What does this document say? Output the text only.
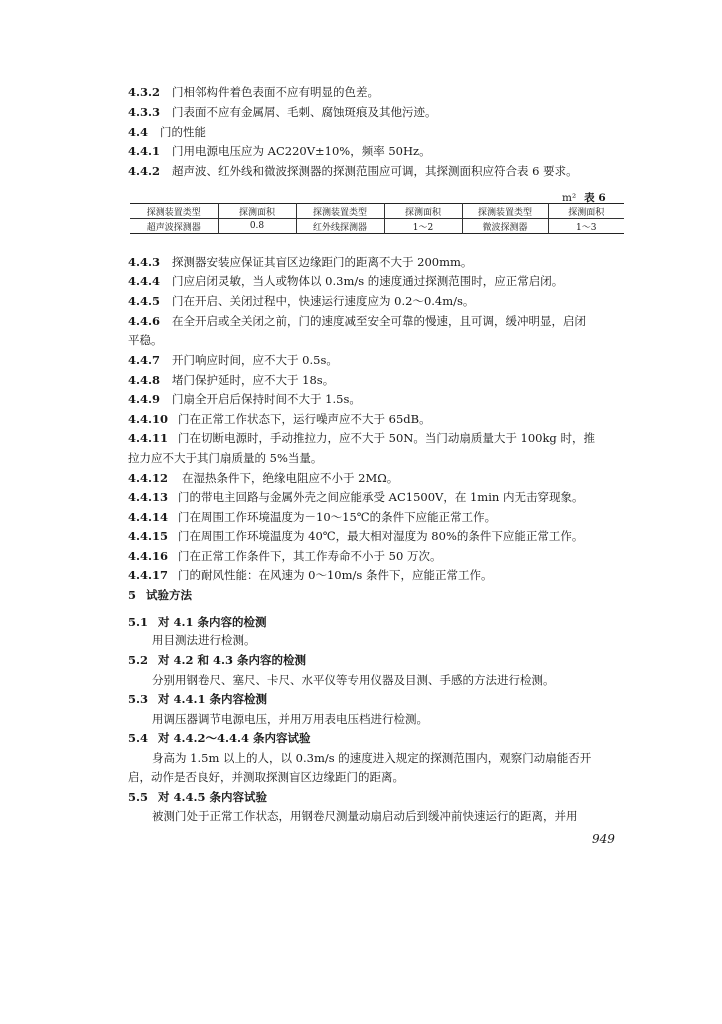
4.3.2 门相邻构件着色表面不应有明显的色差。
4.3.3 门表面不应有金属屑、毛刺、腐蚀斑痕及其他污迹。
4.4 门的性能
4.4.1 门用电源电压应为 AC220V±10%，频率 50Hz。
4.4.2 超声波、红外线和微波探测器的探测范围应可调，其探测面积应符合表 6 要求。
m² 表 6
探测装置类型	探测面积	探测装置类型	探测面积	探测装置类型	探测面积
超声波探测器	0.8	红外线探测器	1～2	微波探测器	1～3
4.4.3 探测器安装应保证其盲区边缘距门的距离不大于 200mm。
4.4.4 门应启闭灵敏，当人或物体以 0.3m/s 的速度通过探测范围时，应正常启闭。
4.4.5 门在开启、关闭过程中，快速运行速度应为 0.2～0.4m/s。
4.4.6 在全开启或全关闭之前，门的速度减至安全可靠的慢速，且可调，缓冲明显，启闭
平稳。
4.4.7 开门响应时间，应不大于 0.5s。
4.4.8 堵门保护延时，应不大于 18s。
4.4.9 门扇全开启后保持时间不大于 1.5s。
4.4.10 门在正常工作状态下，运行噪声应不大于 65dB。
4.4.11 门在切断电源时，手动推拉力，应不大于 50N。当门动扇质量大于 100kg 时，推
拉力应不大于其门扇质量的 5%当量。
4.4.12 在湿热条件下，绝缘电阻应不小于 2MΩ。
4.4.13 门的带电主回路与金属外壳之间应能承受 AC1500V，在 1min 内无击穿现象。
4.4.14 门在周围工作环境温度为－10～15℃的条件下应能正常工作。
4.4.15 门在周围工作环境温度为 40℃，最大相对湿度为 80%的条件下应能正常工作。
4.4.16 门在正常工作条件下，其工作寿命不小于 50 万次。
4.4.17 门的耐风性能：在风速为 0～10m/s 条件下，应能正常工作。
5 试验方法
5.1 对 4.1 条内容的检测
用目测法进行检测。
5.2 对 4.2 和 4.3 条内容的检测
分别用钢卷尺、塞尺、卡尺、水平仪等专用仪器及目测、手感的方法进行检测。
5.3 对 4.4.1 条内容检测
用调压器调节电源电压，并用万用表电压档进行检测。
5.4 对 4.4.2～4.4.4 条内容试验
身高为 1.5m 以上的人，以 0.3m/s 的速度进入规定的探测范围内，观察门动扇能否开
启，动作是否良好，并测取探测盲区边缘距门的距离。
5.5 对 4.4.5 条内容试验
被测门处于正常工作状态，用钢卷尺测量动扇启动后到缓冲前快速运行的距离，并用
949
